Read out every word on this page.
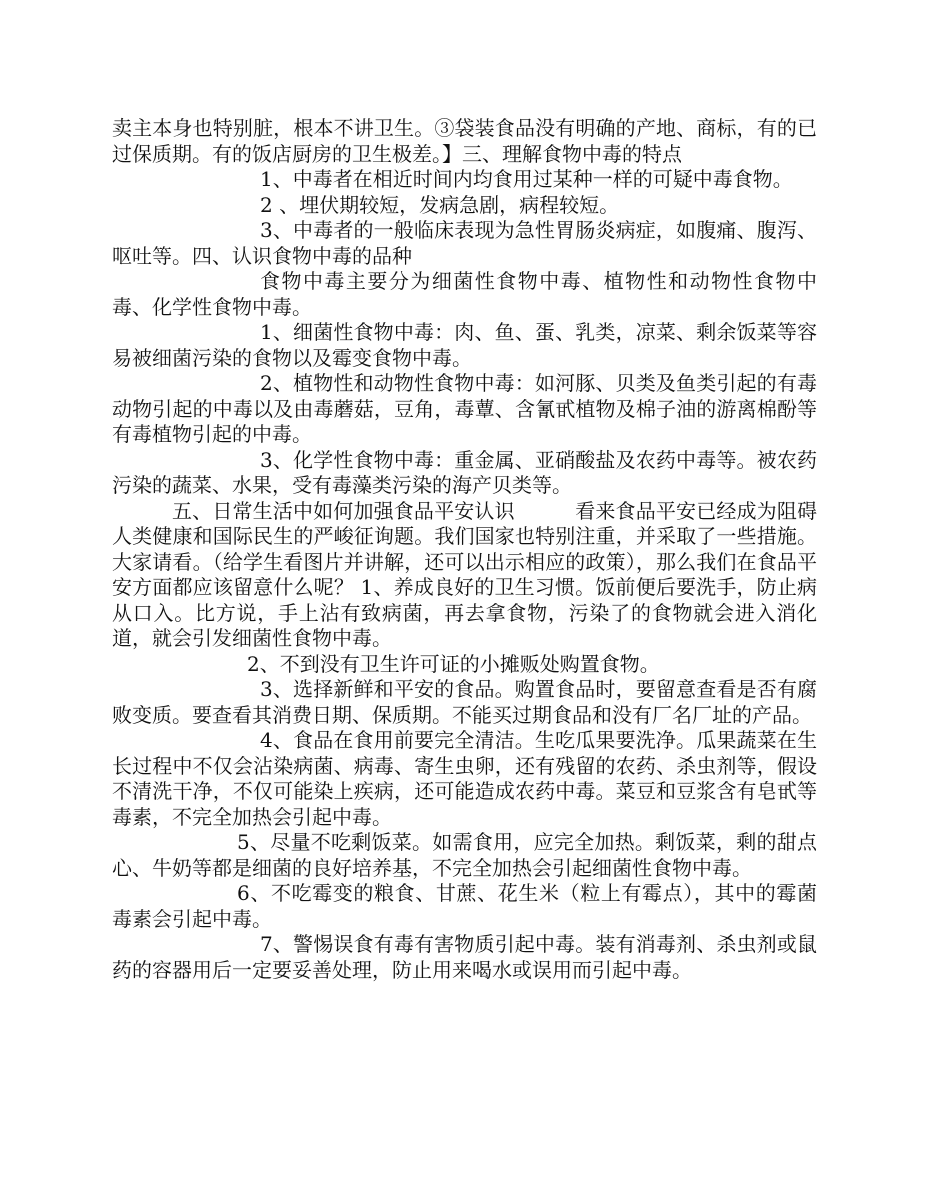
卖主本身也特别脏，根本不讲卫生。③袋装食品没有明确的产地、商标，有的已过保质期。有的饭店厨房的卫生极差。】三、理解食物中毒的特点

1、中毒者在相近时间内均食用过某种一样的可疑中毒食物。

2 、埋伏期较短，发病急剧，病程较短。

3、中毒者的一般临床表现为急性胃肠炎病症，如腹痛、腹泻、呕吐等。四、认识食物中毒的品种

食物中毒主要分为细菌性食物中毒、植物性和动物性食物中毒、化学性食物中毒。

1、细菌性食物中毒：肉、鱼、蛋、乳类，凉菜、剩余饭菜等容易被细菌污染的食物以及霉变食物中毒。

2、植物性和动物性食物中毒：如河豚、贝类及鱼类引起的有毒动物引起的中毒以及由毒蘑菇，豆角，毒蕈、含氰甙植物及棉子油的游离棉酚等有毒植物引起的中毒。

3、化学性食物中毒：重金属、亚硝酸盐及农药中毒等。被农药污染的蔬菜、水果，受有毒藻类污染的海产贝类等。

五、日常生活中如何加强食品平安认识　　　看来食品平安已经成为阻碍人类健康和国际民生的严峻征询题。我们国家也特别注重，并采取了一些措施。大家请看。（给学生看图片并讲解，还可以出示相应的政策），那么我们在食品平安方面都应该留意什么呢？ 1、养成良好的卫生习惯。饭前便后要洗手，防止病从口入。比方说，手上沾有致病菌，再去拿食物，污染了的食物就会进入消化道，就会引发细菌性食物中毒。

2、不到没有卫生许可证的小摊贩处购置食物。

3、选择新鲜和平安的食品。购置食品时，要留意查看是否有腐败变质。要查看其消费日期、保质期。不能买过期食品和没有厂名厂址的产品。

4、食品在食用前要完全清洁。生吃瓜果要洗净。瓜果蔬菜在生长过程中不仅会沾染病菌、病毒、寄生虫卵，还有残留的农药、杀虫剂等，假设不清洗干净，不仅可能染上疾病，还可能造成农药中毒。菜豆和豆浆含有皂甙等毒素，不完全加热会引起中毒。

5、尽量不吃剩饭菜。如需食用，应完全加热。剩饭菜，剩的甜点心、牛奶等都是细菌的良好培养基，不完全加热会引起细菌性食物中毒。

6、不吃霉变的粮食、甘蔗、花生米（粒上有霉点），其中的霉菌毒素会引起中毒。

7、警惕误食有毒有害物质引起中毒。装有消毒剂、杀虫剂或鼠药的容器用后一定要妥善处理，防止用来喝水或误用而引起中毒。
